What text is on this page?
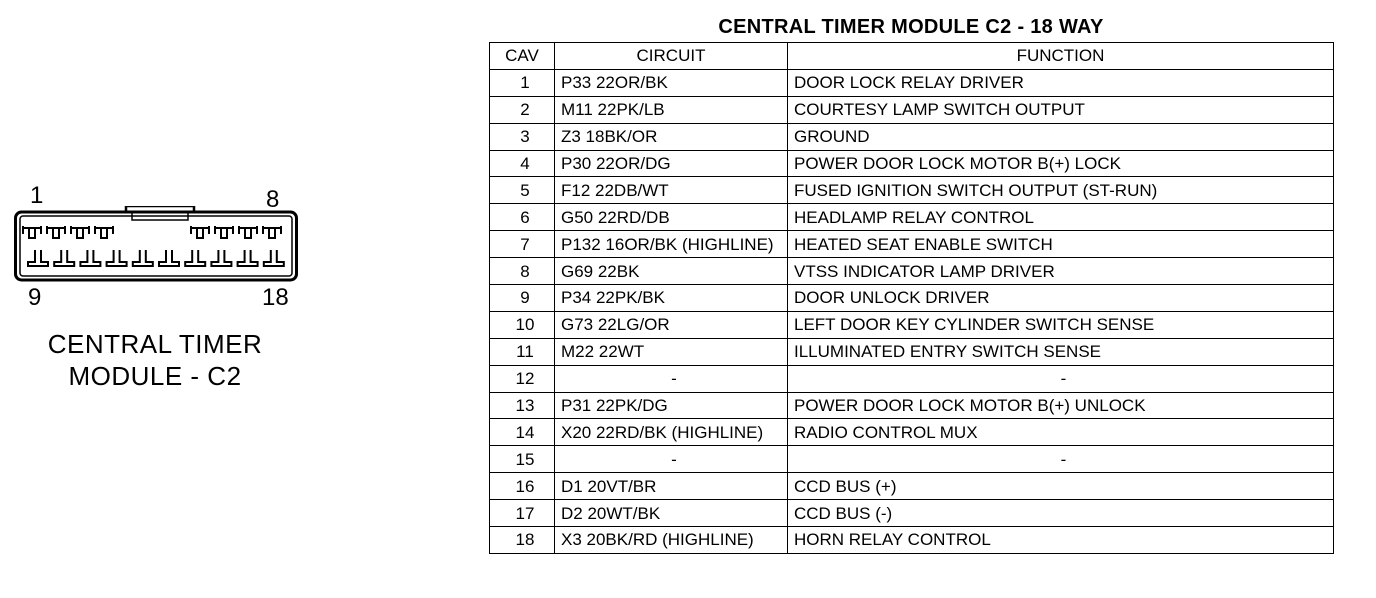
1	8
9	18
CENTRAL TIMER
MODULE - C2
CENTRAL TIMER MODULE C2 - 18 WAY
CAV	CIRCUIT	FUNCTION
1	P33 22OR/BK	DOOR LOCK RELAY DRIVER
2	M11 22PK/LB	COURTESY LAMP SWITCH OUTPUT
3	Z3 18BK/OR	GROUND
4	P30 22OR/DG	POWER DOOR LOCK MOTOR B(+) LOCK
5	F12 22DB/WT	FUSED IGNITION SWITCH OUTPUT (ST-RUN)
6	G50 22RD/DB	HEADLAMP RELAY CONTROL
7	P132 16OR/BK (HIGHLINE)	HEATED SEAT ENABLE SWITCH
8	G69 22BK	VTSS INDICATOR LAMP DRIVER
9	P34 22PK/BK	DOOR UNLOCK DRIVER
10	G73 22LG/OR	LEFT DOOR KEY CYLINDER SWITCH SENSE
11	M22 22WT	ILLUMINATED ENTRY SWITCH SENSE
12	-	-
13	P31 22PK/DG	POWER DOOR LOCK MOTOR B(+) UNLOCK
14	X20 22RD/BK (HIGHLINE)	RADIO CONTROL MUX
15	-	-
16	D1 20VT/BR	CCD BUS (+)
17	D2 20WT/BK	CCD BUS (-)
18	X3 20BK/RD (HIGHLINE)	HORN RELAY CONTROL
